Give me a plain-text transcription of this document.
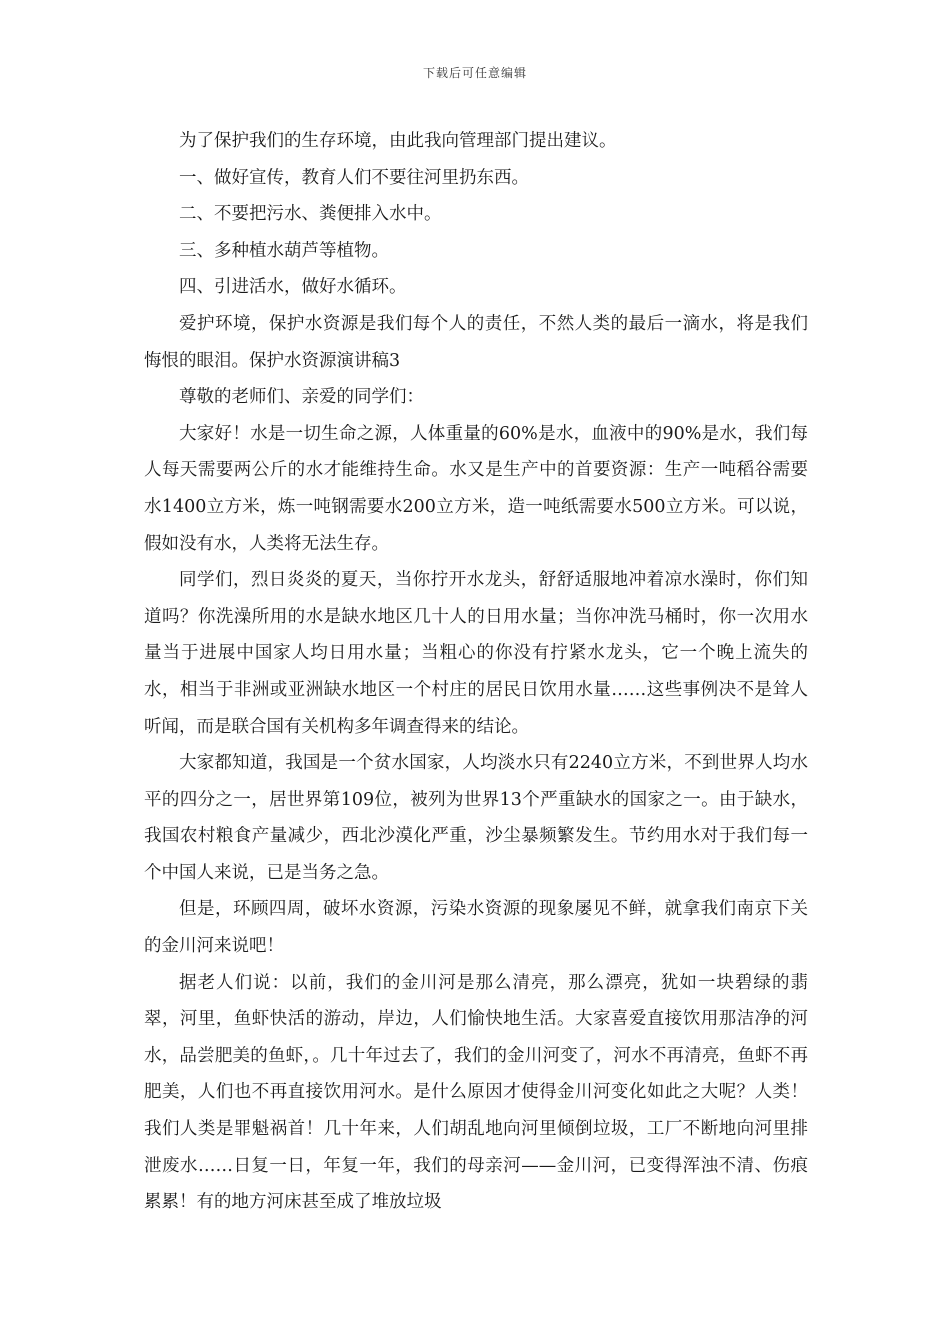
下载后可任意编辑

为了保护我们的生存环境，由此我向管理部门提出建议。

一、做好宣传，教育人们不要往河里扔东西。

二、不要把污水、粪便排入水中。

三、多种植水葫芦等植物。

四、引进活水，做好水循环。

爱护环境，保护水资源是我们每个人的责任，不然人类的最后一滴水，将是我们悔恨的眼泪。保护水资源演讲稿3

尊敬的老师们、亲爱的同学们：

大家好！水是一切生命之源，人体重量的60%是水，血液中的90%是水，我们每人每天需要两公斤的水才能维持生命。水又是生产中的首要资源：生产一吨稻谷需要水1400立方米，炼一吨钢需要水200立方米，造一吨纸需要水500立方米。可以说，假如没有水，人类将无法生存。

同学们，烈日炎炎的夏天，当你拧开水龙头，舒舒适服地冲着凉水澡时，你们知道吗？你洗澡所用的水是缺水地区几十人的日用水量；当你冲洗马桶时，你一次用水量当于进展中国家人均日用水量；当粗心的你没有拧紧水龙头，它一个晚上流失的水，相当于非洲或亚洲缺水地区一个村庄的居民日饮用水量……这些事例决不是耸人听闻，而是联合国有关机构多年调查得来的结论。

大家都知道，我国是一个贫水国家，人均淡水只有2240立方米，不到世界人均水平的四分之一，居世界第109位，被列为世界13个严重缺水的国家之一。由于缺水，我国农村粮食产量减少，西北沙漠化严重，沙尘暴频繁发生。节约用水对于我们每一个中国人来说，已是当务之急。

但是，环顾四周，破坏水资源，污染水资源的现象屡见不鲜，就拿我们南京下关的金川河来说吧！

据老人们说：以前，我们的金川河是那么清亮，那么漂亮，犹如一块碧绿的翡翠，河里，鱼虾快活的游动，岸边，人们愉快地生活。大家喜爱直接饮用那洁净的河水，品尝肥美的鱼虾，。几十年过去了，我们的金川河变了，河水不再清亮，鱼虾不再肥美，人们也不再直接饮用河水。是什么原因才使得金川河变化如此之大呢？人类！我们人类是罪魁祸首！几十年来，人们胡乱地向河里倾倒垃圾，工厂不断地向河里排泄废水……日复一日，年复一年，我们的母亲河——金川河，已变得浑浊不清、伤痕累累！有的地方河床甚至成了堆放垃圾
